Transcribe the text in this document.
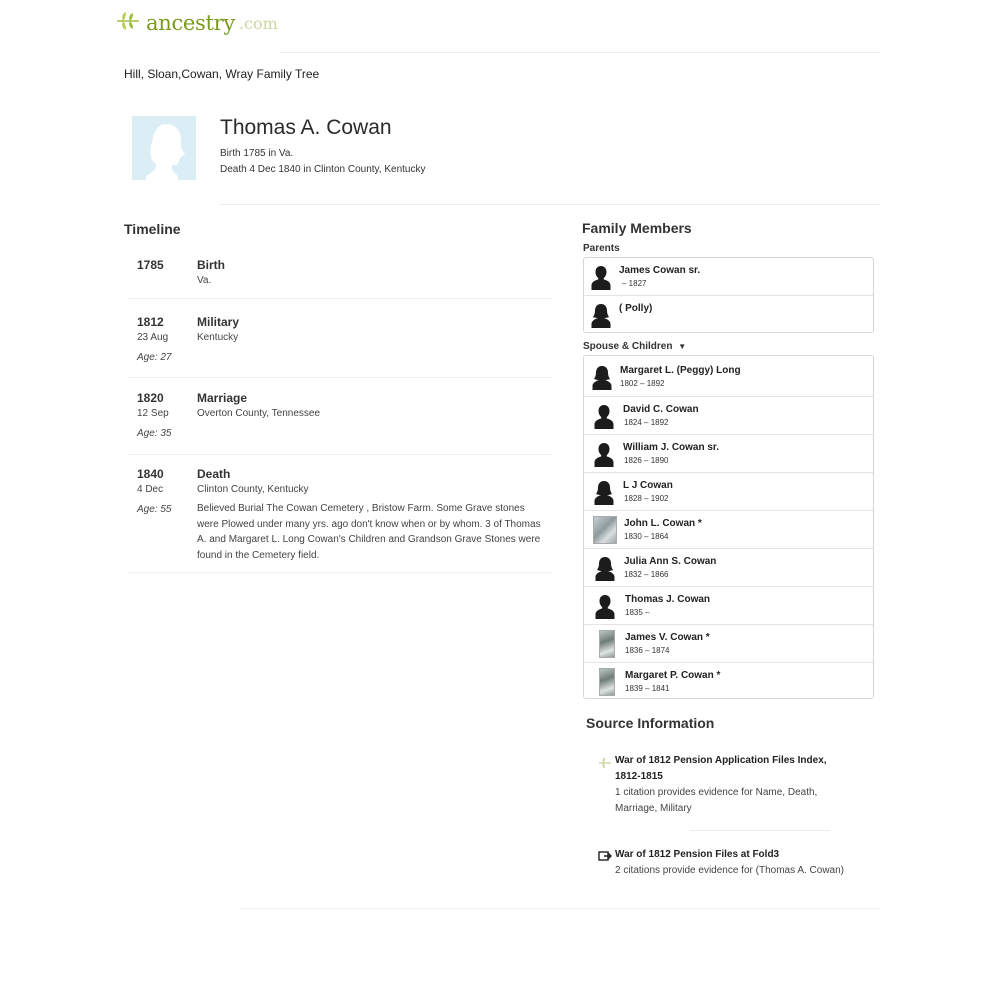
ancestry .com
Hill, Sloan,Cowan, Wray Family Tree
Thomas A. Cowan
Birth 1785 in Va.
Death 4 Dec 1840 in Clinton County, Kentucky
Timeline
1785	Birth
Va.
1812
23 Aug
Age: 27
Military
Kentucky
1820
12 Sep
Age: 35
Marriage
Overton County, Tennessee
1840
4 Dec
Age: 55
Death
Clinton County, Kentucky
Believed Burial The Cowan Cemetery , Bristow Farm. Some Grave stones were Plowed under many yrs. ago don't know when or by whom. 3 of Thomas A. and Margaret L. Long Cowan's Children and Grandson Grave Stones were found in the Cemetery field.
Family Members
Parents
James Cowan sr.
– 1827
( Polly)
Spouse & Children ▼
Margaret L. (Peggy) Long
1802 – 1892
David C. Cowan
1824 – 1892
William J. Cowan sr.
1826 – 1890
L J Cowan
1828 – 1902
John L. Cowan *
1830 – 1864
Julia Ann S. Cowan
1832 – 1866
Thomas J. Cowan
1835 –
James V. Cowan *
1836 – 1874
Margaret P. Cowan *
1839 – 1841
Source Information
War of 1812 Pension Application Files Index,
1812-1815
1 citation provides evidence for Name, Death,
Marriage, Military
War of 1812 Pension Files at Fold3
2 citations provide evidence for (Thomas A. Cowan)
